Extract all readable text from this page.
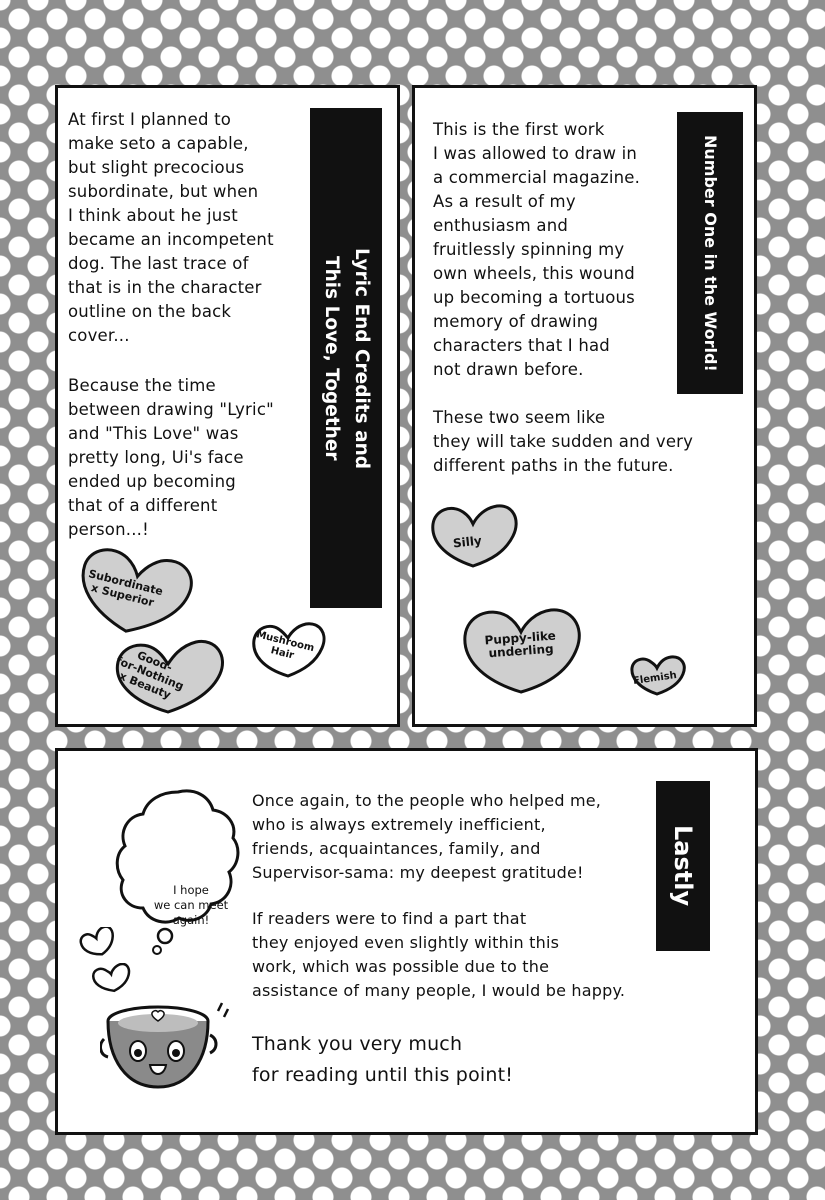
At first I planned to
make seto a capable,
but slight precocious
subordinate, but when
I think about he just
became an incompetent
dog. The last trace of
that is in the character
outline on the back
cover...
Because the time
between drawing "Lyric"
and "This Love" was
pretty long, Ui's face
ended up becoming
that of a different
person...!
Lyric End Credits and
This Love, Together
Subordinate
x Superior
Good-
for-Nothing
x Beauty
Mushroom
Hair
This is the first work
I was allowed to draw in
a commercial magazine.
As a result of my
enthusiasm and
fruitlessly spinning my
own wheels, this wound
up becoming a tortuous
memory of drawing
characters that I had
not drawn before.
These two seem like
they will take sudden and very
different paths in the future.
Number One in the World!
Silly
Puppy-like
underling
Flemish
Once again, to the people who helped me,
who is always extremely inefficient,
friends, acquaintances, family, and
Supervisor-sama: my deepest gratitude!
If readers were to find a part that
they enjoyed even slightly within this
work, which was possible due to the
assistance of many people, I would be happy.
Thank you very much
for reading until this point!
Lastly
I hope
we can meet
again!
